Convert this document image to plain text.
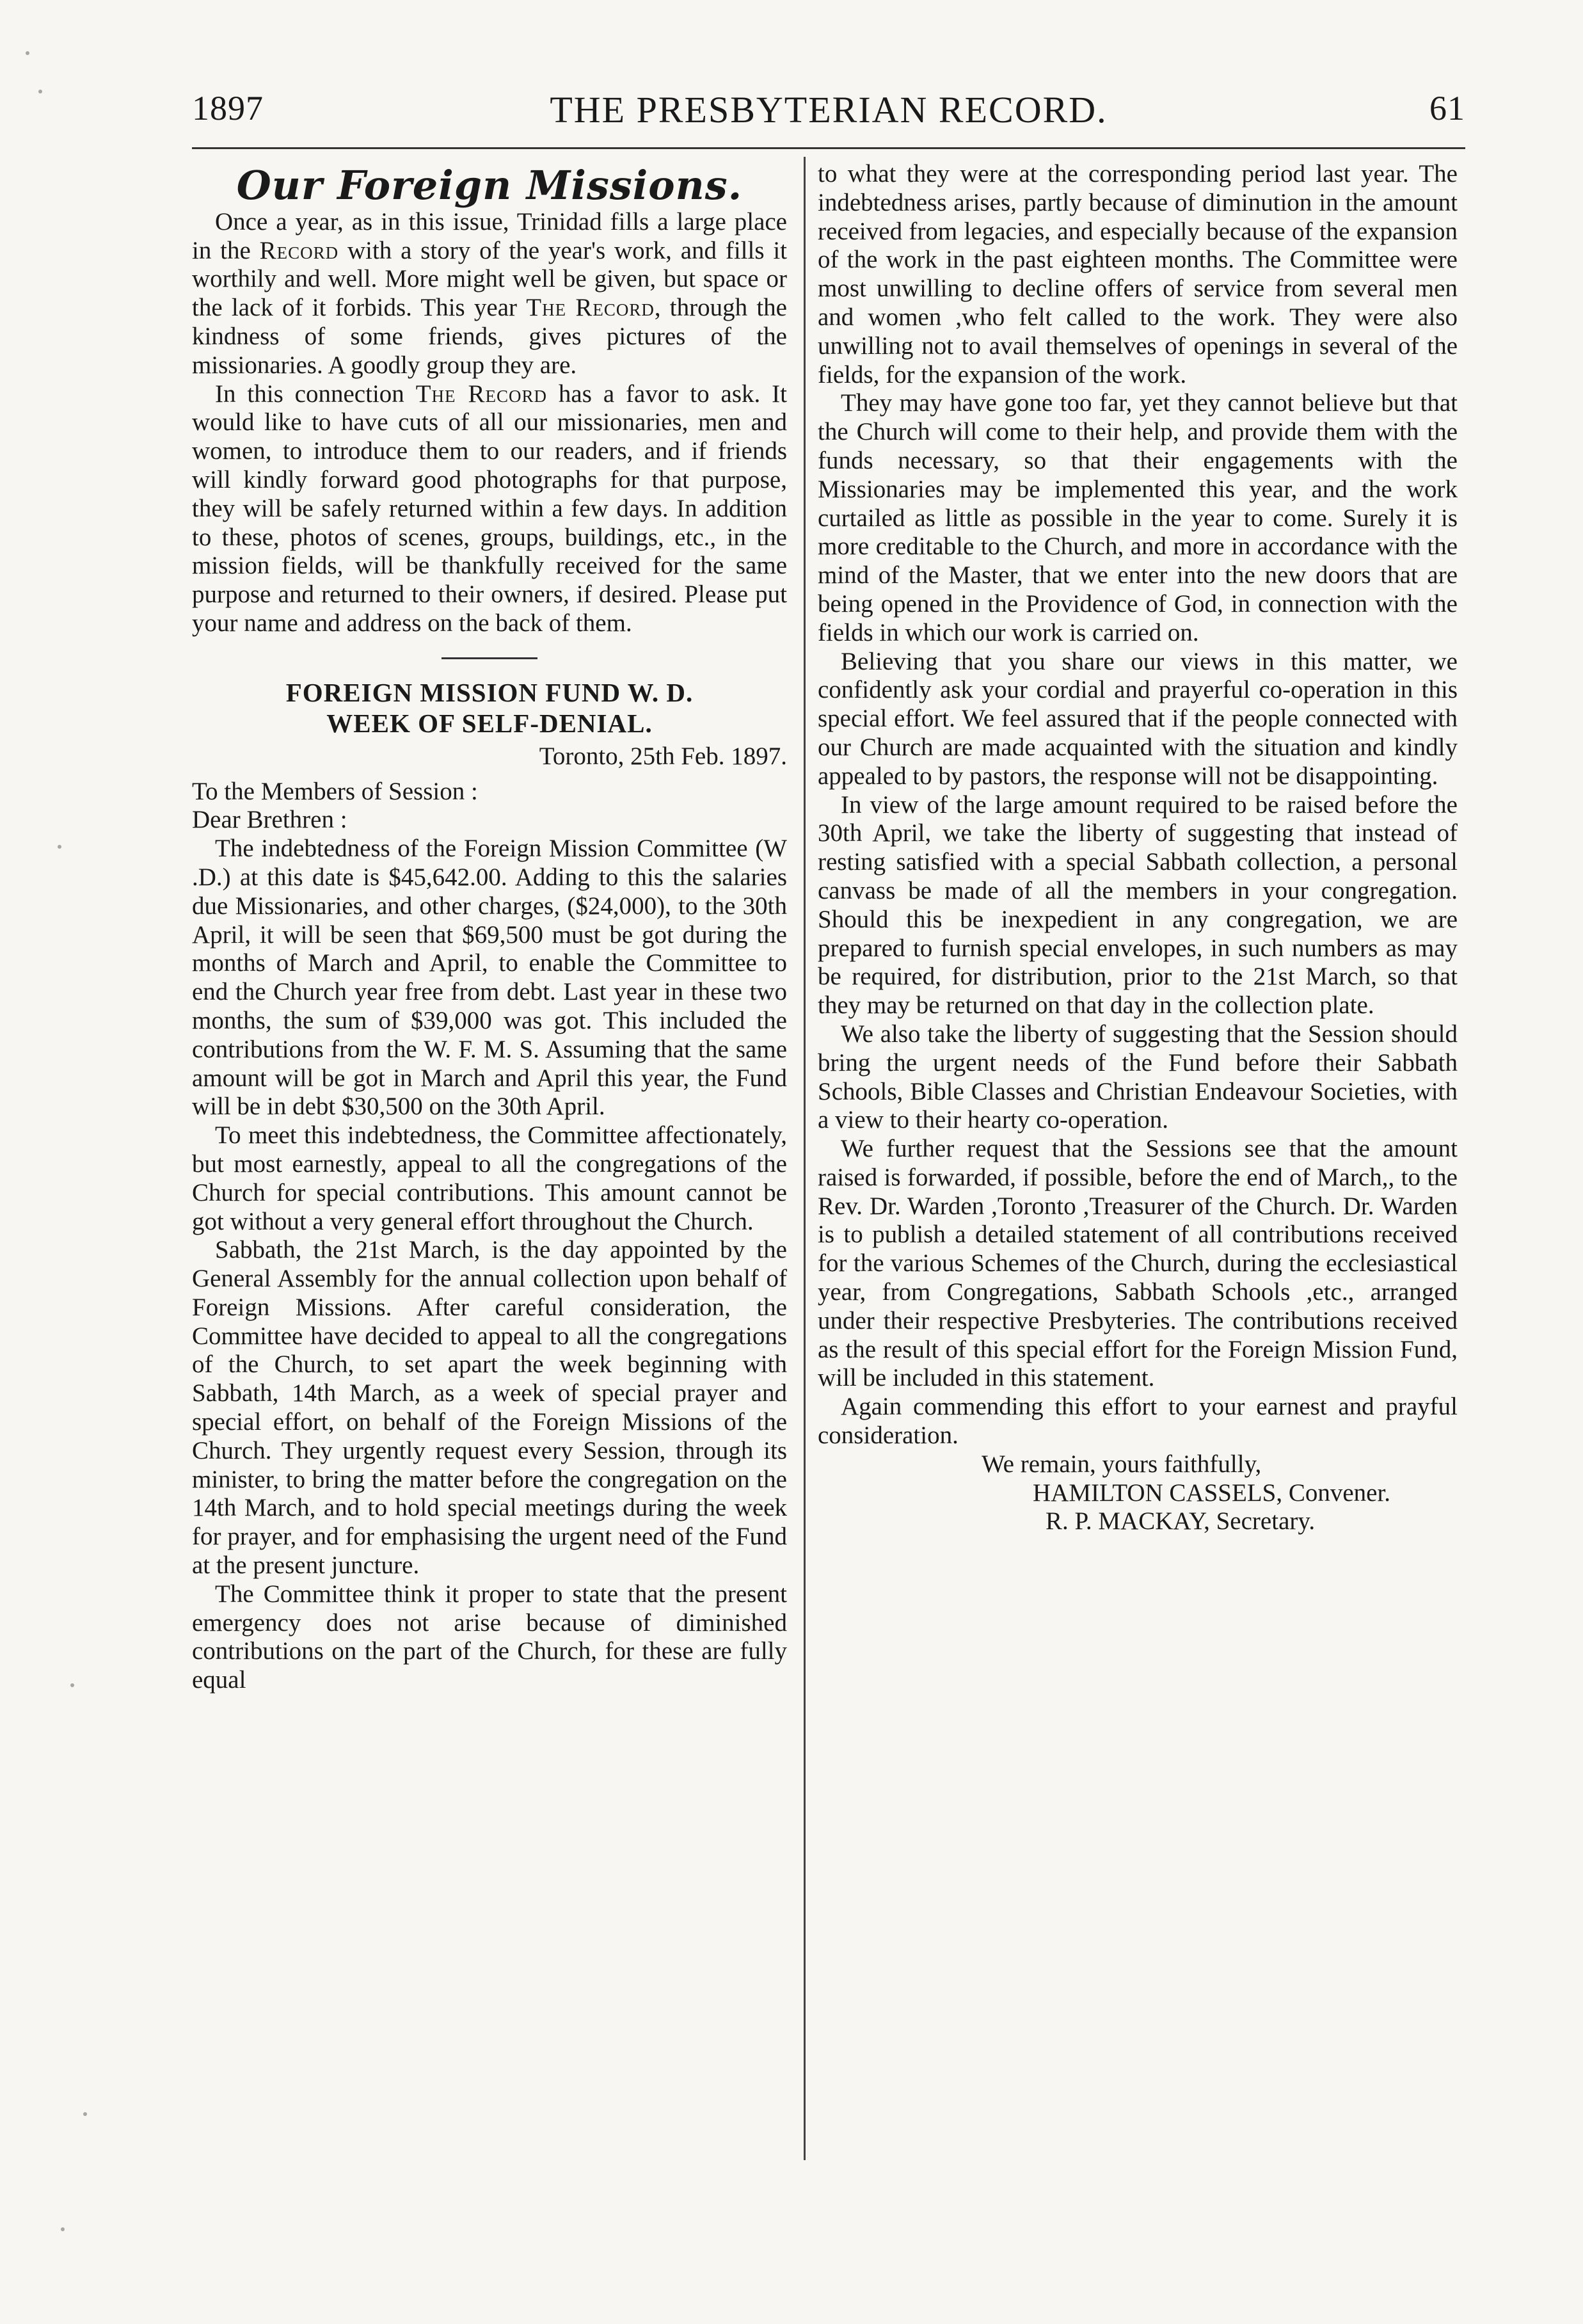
1897	THE PRESBYTERIAN RECORD.	61
Our Foreign Missions.

Once a year, as in this issue, Trinidad fills a large place in the Record with a story of the year's work, and fills it worthily and well. More might well be given, but space or the lack of it forbids. This year The Record, through the kindness of some friends, gives pictures of the missionaries. A goodly group they are.

In this connection The Record has a favor to ask. It would like to have cuts of all our missionaries, men and women, to introduce them to our readers, and if friends will kindly forward good photographs for that purpose, they will be safely returned within a few days. In addition to these, photos of scenes, groups, buildings, etc., in the mission fields, will be thankfully received for the same purpose and returned to their owners, if desired. Please put your name and address on the back of them.

FOREIGN MISSION FUND W. D.
WEEK OF SELF-DENIAL.
Toronto, 25th Feb. 1897.

To the Members of Session :

Dear Brethren :

The indebtedness of the Foreign Mission Committee (W .D.) at this date is $45,642.00. Adding to this the salaries due Missionaries, and other charges, ($24,000), to the 30th April, it will be seen that $69,500 must be got during the months of March and April, to enable the Committee to end the Church year free from debt. Last year in these two months, the sum of $39,000 was got. This included the contributions from the W. F. M. S. Assuming that the same amount will be got in March and April this year, the Fund will be in debt $30,500 on the 30th April.

To meet this indebtedness, the Committee affectionately, but most earnestly, appeal to all the congregations of the Church for special contributions. This amount cannot be got without a very general effort throughout the Church.

Sabbath, the 21st March, is the day appointed by the General Assembly for the annual collection upon behalf of Foreign Missions. After careful consideration, the Committee have decided to appeal to all the congregations of the Church, to set apart the week beginning with Sabbath, 14th March, as a week of special prayer and special effort, on behalf of the Foreign Missions of the Church. They urgently request every Session, through its minister, to bring the matter before the congregation on the 14th March, and to hold special meetings during the week for prayer, and for emphasising the urgent need of the Fund at the present juncture.

The Committee think it proper to state that the present emergency does not arise because of diminished contributions on the part of the Church, for these are fully equal

to what they were at the corresponding period last year. The indebtedness arises, partly because of diminution in the amount received from legacies, and especially because of the expansion of the work in the past eighteen months. The Committee were most unwilling to decline offers of service from several men and women ,who felt called to the work. They were also unwilling not to avail themselves of openings in several of the fields, for the expansion of the work.

They may have gone too far, yet they cannot believe but that the Church will come to their help, and provide them with the funds necessary, so that their engagements with the Missionaries may be implemented this year, and the work curtailed as little as possible in the year to come. Surely it is more creditable to the Church, and more in accordance with the mind of the Master, that we enter into the new doors that are being opened in the Providence of God, in connection with the fields in which our work is carried on.

Believing that you share our views in this matter, we confidently ask your cordial and prayerful co-operation in this special effort. We feel assured that if the people connected with our Church are made acquainted with the situation and kindly appealed to by pastors, the response will not be disappointing.

In view of the large amount required to be raised before the 30th April, we take the liberty of suggesting that instead of resting satisfied with a special Sabbath collection, a personal canvass be made of all the members in your congregation. Should this be inexpedient in any congregation, we are prepared to furnish special envelopes, in such numbers as may be required, for distribution, prior to the 21st March, so that they may be returned on that day in the collection plate.

We also take the liberty of suggesting that the Session should bring the urgent needs of the Fund before their Sabbath Schools, Bible Classes and Christian Endeavour Societies, with a view to their hearty co-operation.

We further request that the Sessions see that the amount raised is forwarded, if possible, before the end of March,, to the Rev. Dr. Warden ,Toronto ,Treasurer of the Church. Dr. Warden is to publish a detailed statement of all contributions received for the various Schemes of the Church, during the ecclesiastical year, from Congregations, Sabbath Schools ,etc., arranged under their respective Presbyteries. The contributions received as the result of this special effort for the Foreign Mission Fund, will be included in this statement.

Again commending this effort to your earnest and prayful consideration.

We remain, yours faithfully,

HAMILTON CASSELS, Convener.

R. P. MACKAY, Secretary.
